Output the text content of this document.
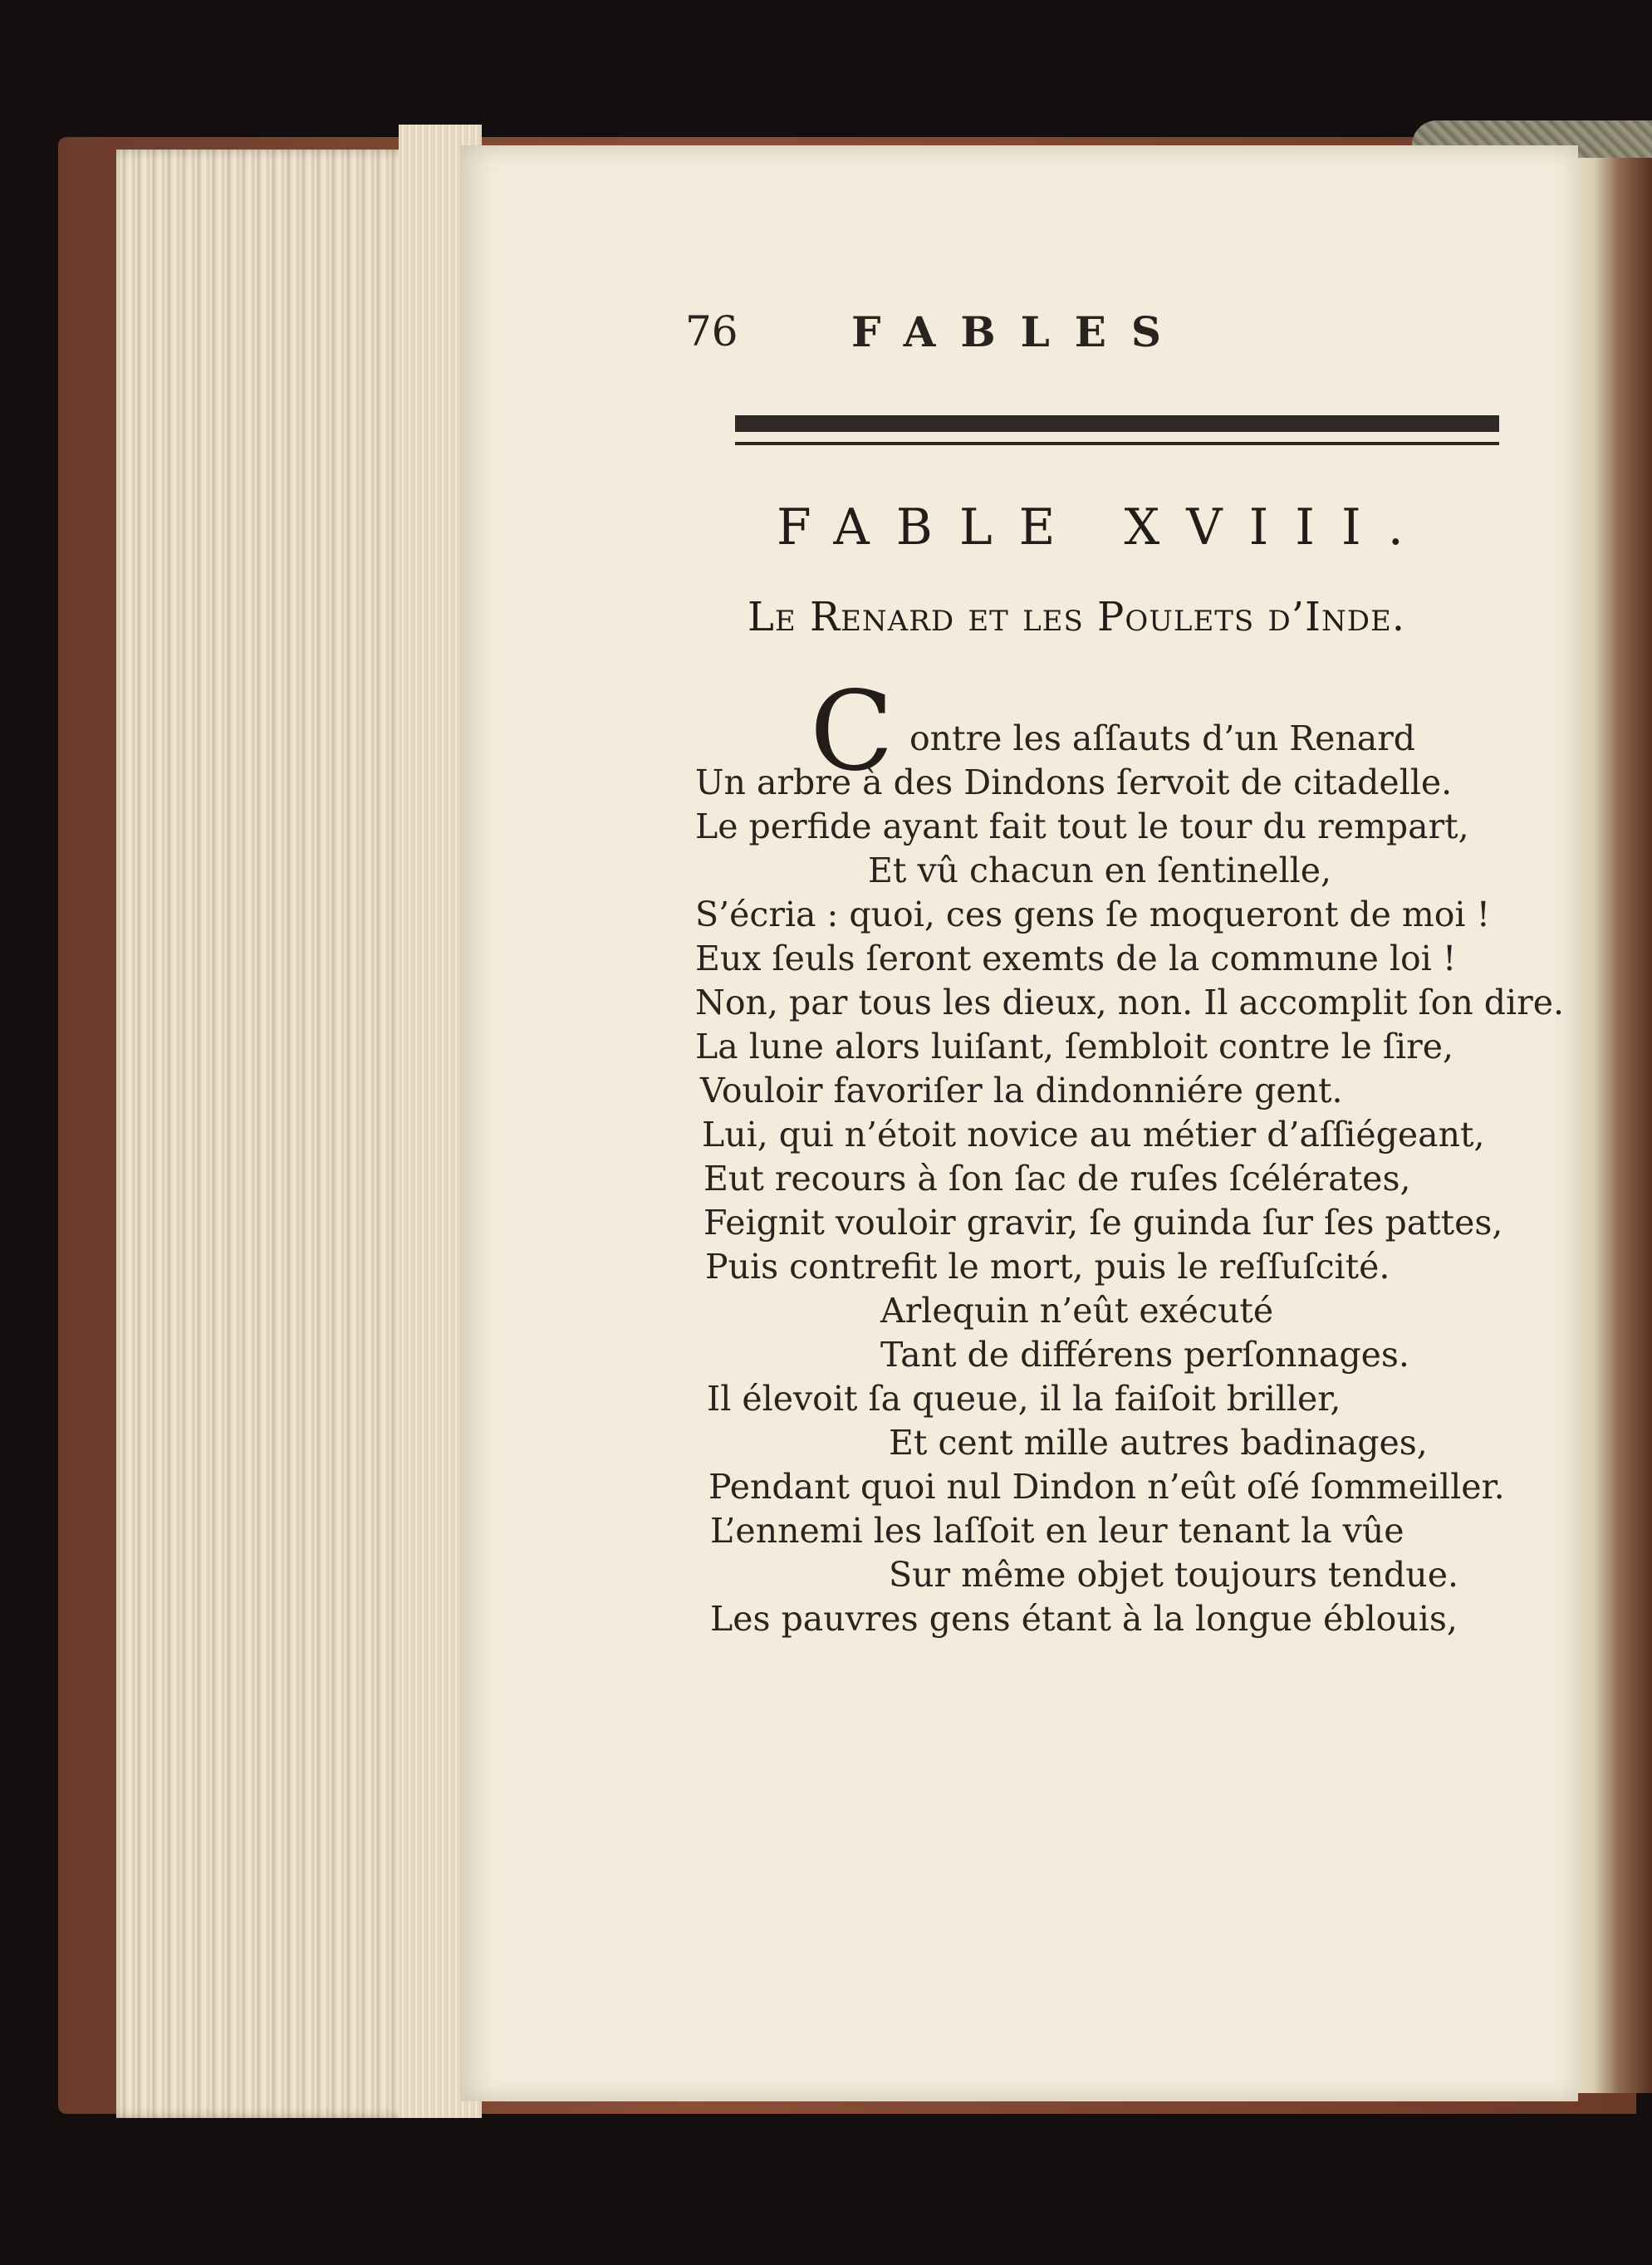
76	FABLES
FABLE XVIII.
Le Renard et les Poulets d’Inde.
C ontre les aſſauts d’un Renard
Un arbre à des Dindons ſervoit de citadelle.
Le perfide ayant fait tout le tour du rempart,
Et vû chacun en ſentinelle,
S’écria : quoi, ces gens ſe moqueront de moi !
Eux ſeuls ſeront exemts de la commune loi !
Non, par tous les dieux, non. Il accomplit ſon dire.
La lune alors luiſant, ſembloit contre le ſire,
Vouloir favoriſer la dindonniére gent.
Lui, qui n’étoit novice au métier d’aſſiégeant,
Eut recours à ſon ſac de ruſes ſcélérates,
Feignit vouloir gravir, ſe guinda ſur ſes pattes,
Puis contrefit le mort, puis le reſſuſcité.
Arlequin n’eût exécuté
Tant de différens perſonnages.
Il élevoit ſa queue, il la faiſoit briller,
Et cent mille autres badinages,
Pendant quoi nul Dindon n’eût oſé ſommeiller.
L’ennemi les laſſoit en leur tenant la vûe
Sur même objet toujours tendue.
Les pauvres gens étant à la longue éblouis,
